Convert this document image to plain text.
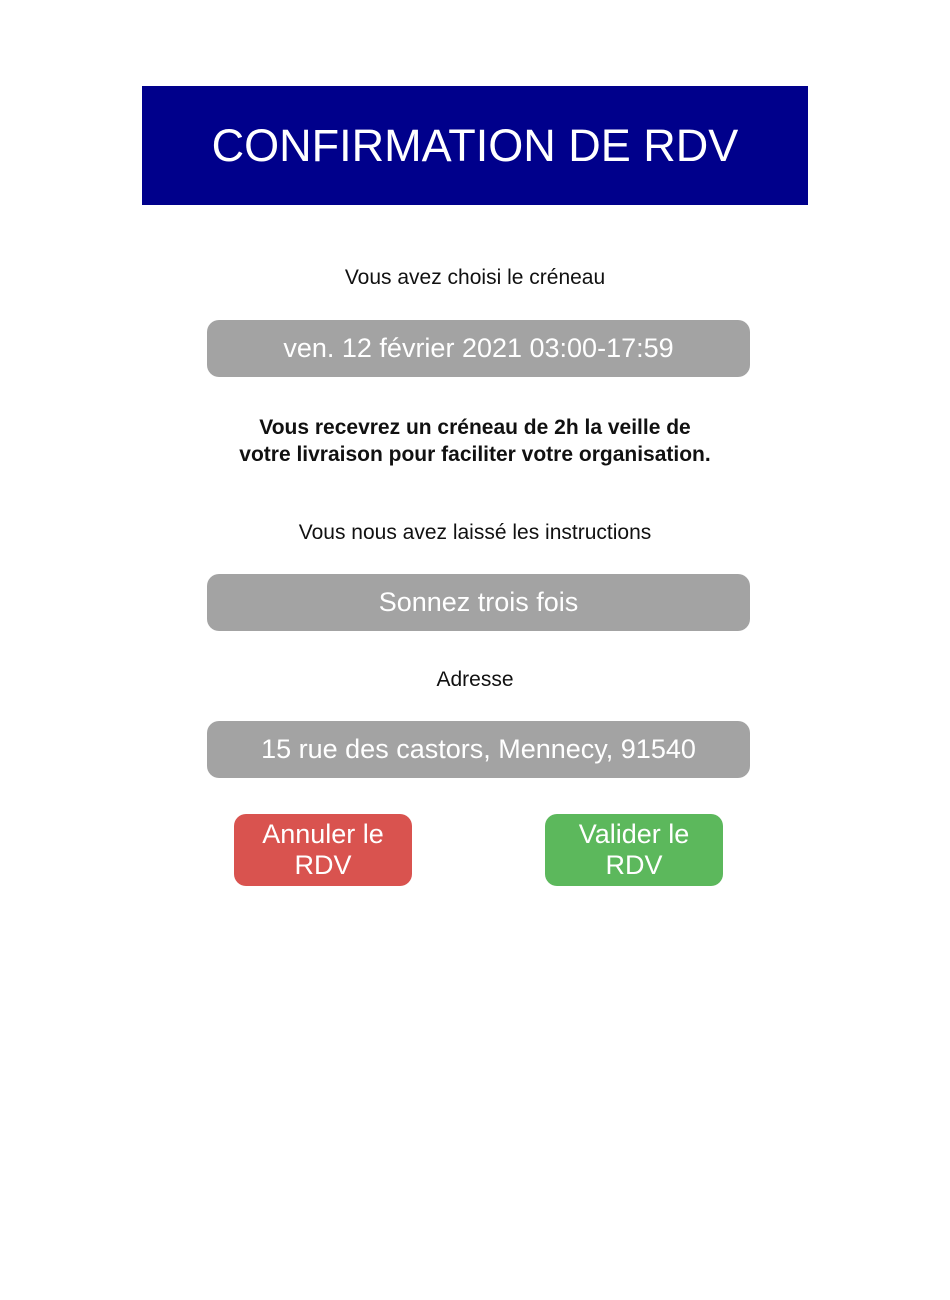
CONFIRMATION DE RDV
Vous avez choisi le créneau
ven. 12 février 2021 03:00-17:59
Vous recevrez un créneau de 2h la veille de
votre livraison pour faciliter votre organisation.
Vous nous avez laissé les instructions
Sonnez trois fois
Adresse
15 rue des castors, Mennecy, 91540
Annuler le
RDV
Valider le
RDV
